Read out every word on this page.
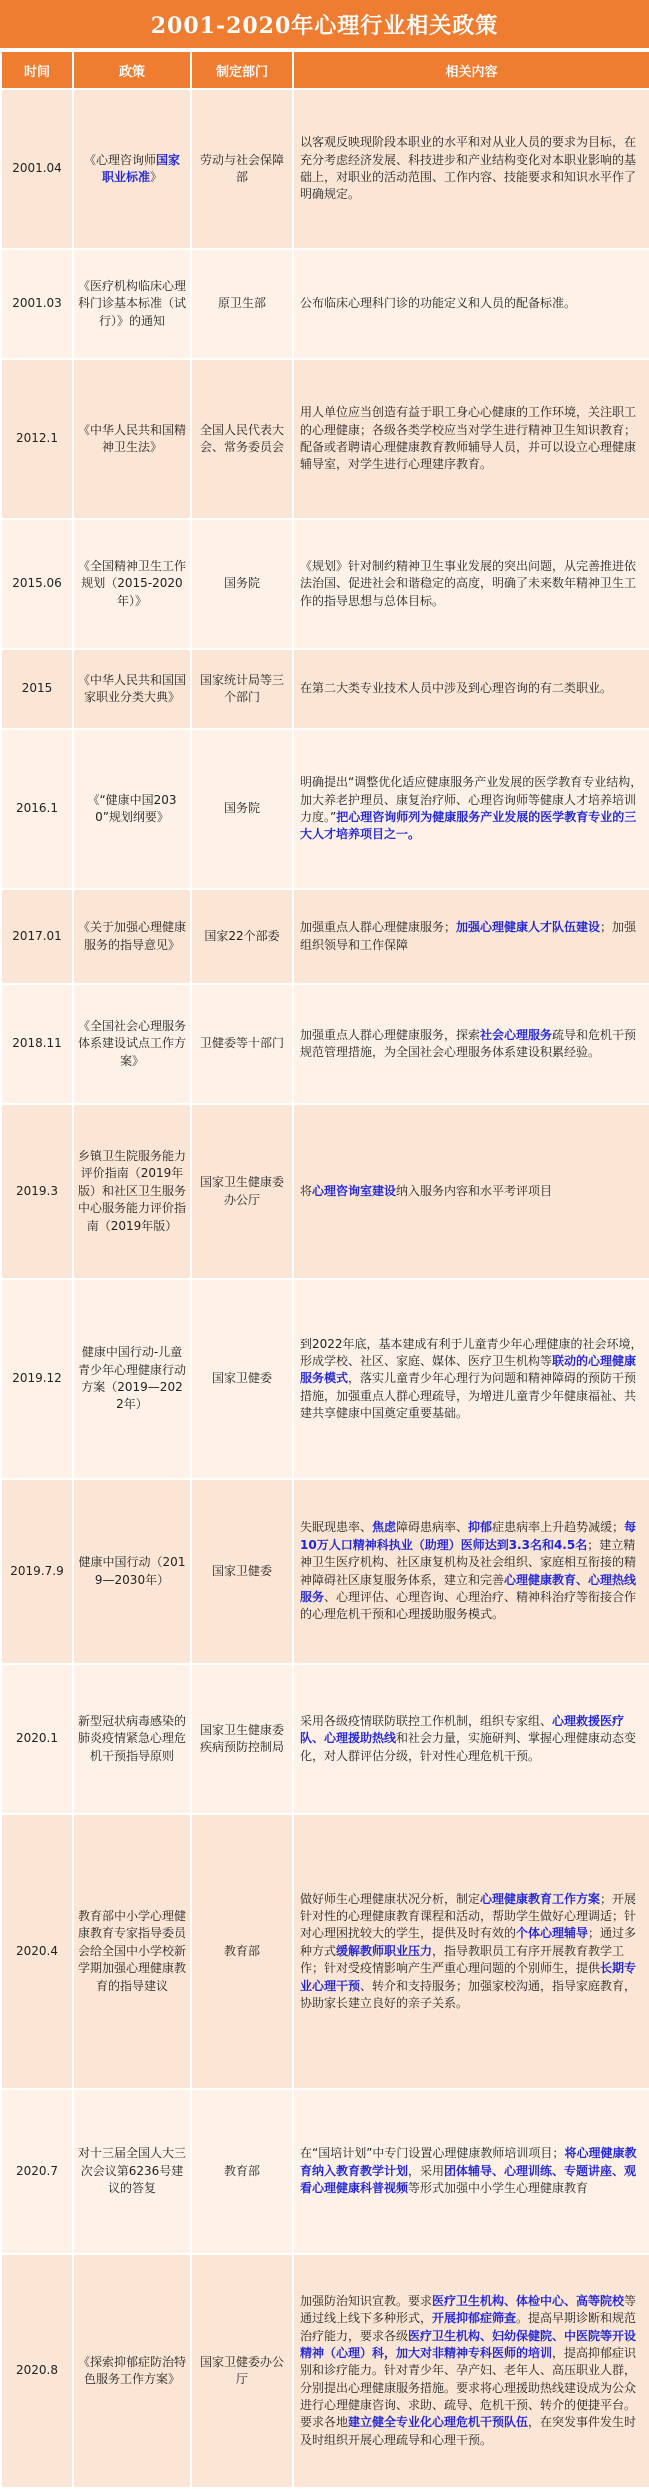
2001-2020年心理行业相关政策
时间	政策	制定部门	相关内容
2001.04	《心理咨询师国家职业标准》	劳动与社会保障部	以客观反映现阶段本职业的水平和对从业人员的要求为目标，在充分考虑经济发展、科技进步和产业结构变化对本职业影响的基础上，对职业的活动范围、工作内容、技能要求和知识水平作了明确规定。
2001.03	《医疗机构临床心理科门诊基本标准（试行）》的通知	原卫生部	公布临床心理科门诊的功能定义和人员的配备标准。
2012.1	《中华人民共和国精神卫生法》	全国人民代表大会、常务委员会	用人单位应当创造有益于职工身心心健康的工作环境，关注职工的心理健康；各级各类学校应当对学生进行精神卫生知识教育；配备或者聘请心理健康教育教师辅导人员，并可以设立心理健康辅导室，对学生进行心理建序教育。
2015.06	《全国精神卫生工作规划（2015-2020年）》	国务院	《规划》针对制约精神卫生事业发展的突出问题，从完善推进依法治国、促进社会和谐稳定的高度，明确了未来数年精神卫生工作的指导思想与总体目标。
2015	《中华人民共和国国家职业分类大典》	国家统计局等三个部门	在第二大类专业技术人员中涉及到心理咨询的有二类职业。
2016.1	《“健康中国2030”规划纲要》	国务院	明确提出“调整优化适应健康服务产业发展的医学教育专业结构，加大养老护理员、康复治疗师、心理咨询师等健康人才培养培训力度。”把心理咨询师列为健康服务产业发展的医学教育专业的三大人才培养项目之一。
2017.01	《关于加强心理健康服务的指导意见》	国家22个部委	加强重点人群心理健康服务；加强心理健康人才队伍建设；加强组织领导和工作保障
2018.11	《全国社会心理服务体系建设试点工作方案》	卫健委等十部门	加强重点人群心理健康服务，探索社会心理服务疏导和危机干预规范管理措施，为全国社会心理服务体系建设积累经验。
2019.3	乡镇卫生院服务能力评价指南（2019年版）和社区卫生服务中心服务能力评价指南（2019年版）	国家卫生健康委办公厅	将心理咨询室建设纳入服务内容和水平考评项目
2019.12	健康中国行动-儿童青少年心理健康行动方案（2019—2022年）	国家卫健委	到2022年底，基本建成有利于儿童青少年心理健康的社会环境，形成学校、社区、家庭、媒体、医疗卫生机构等联动的心理健康服务模式，落实儿童青少年心理行为问题和精神障碍的预防干预措施，加强重点人群心理疏导，为增进儿童青少年健康福祉、共建共享健康中国奠定重要基础。
2019.7.9	健康中国行动（2019—2030年）	国家卫健委	失眠现患率、焦虑障碍患病率、抑郁症患病率上升趋势减缓；每10万人口精神科执业（助理）医师达到3.3名和4.5名；建立精神卫生医疗机构、社区康复机构及社会组织、家庭相互衔接的精神障碍社区康复服务体系，建立和完善心理健康教育、心理热线服务、心理评估、心理咨询、心理治疗、精神科治疗等衔接合作的心理危机干预和心理援助服务模式。
2020.1	新型冠状病毒感染的肺炎疫情紧急心理危机干预指导原则	国家卫生健康委疾病预防控制局	采用各级疫情联防联控工作机制，组织专家组、心理救援医疗队、心理援助热线和社会力量，实施研判、掌握心理健康动态变化，对人群评估分级，针对性心理危机干预。
2020.4	教育部中小学心理健康教育专家指导委员会给全国中小学校新学期加强心理健康教育的指导建议	教育部	做好师生心理健康状况分析，制定心理健康教育工作方案；开展针对性的心理健康教育课程和活动，帮助学生做好心理调适；针对心理困扰较大的学生，提供及时有效的个体心理辅导；通过多种方式缓解教师职业压力，指导教职员工有序开展教育教学工作；针对受疫情影响产生严重心理问题的个别师生，提供长期专业心理干预、转介和支持服务；加强家校沟通，指导家庭教育，协助家长建立良好的亲子关系。
2020.7	对十三届全国人大三次会议第6236号建议的答复	教育部	在“国培计划”中专门设置心理健康教师培训项目；将心理健康教育纳入教育教学计划，采用团体辅导、心理训练、专题讲座、观看心理健康科普视频等形式加强中小学生心理健康教育
2020.8	《探索抑郁症防治特色服务工作方案》	国家卫健委办公厅	加强防治知识宣教。要求医疗卫生机构、体检中心、高等院校等通过线上线下多种形式，开展抑郁症筛查。提高早期诊断和规范治疗能力，要求各级医疗卫生机构、妇幼保健院、中医院等开设精神（心理）科，加大对非精神专科医师的培训，提高抑郁症识别和诊疗能力。针对青少年、孕产妇、老年人、高压职业人群，分别提出心理健康服务措施。要求将心理援助热线建设成为公众进行心理健康咨询、求助、疏导、危机干预、转介的便捷平台。要求各地建立健全专业化心理危机干预队伍，在突发事件发生时及时组织开展心理疏导和心理干预。
